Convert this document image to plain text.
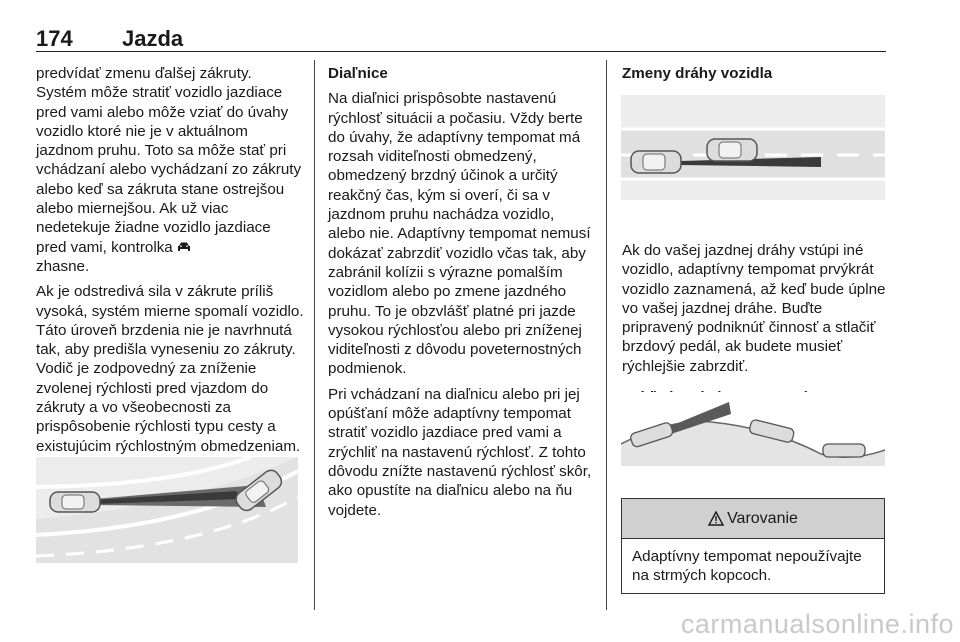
174 Jazda

predvídať zmenu ďalšej zákruty. Systém môže stratiť vozidlo jazdiace pred vami alebo môže vziať do úvahy vozidlo ktoré nie je v aktuálnom jazdnom pruhu. Toto sa môže stať pri vchádzaní alebo vychádzaní zo zákruty alebo keď sa zákruta stane ostrejšou alebo miernejšou. Ak už viac nedetekuje žiadne vozidlo jazdiace pred vami, kontrolka
zhasne.

Ak je odstredivá sila v zákrute príliš vysoká, systém mierne spomalí vozidlo. Táto úroveň brzdenia nie je navrhnutá tak, aby predišla vyneseniu zo zákruty. Vodič je zodpovedný za zníženie zvolenej rýchlosti pred vjazdom do zákruty a vo všeobecnosti za prispôsobenie rýchlosti typu cesty a existujúcim rýchlostným obmedzeniam.

Diaľnice

Na diaľnici prispôsobte nastavenú rýchlosť situácii a počasiu. Vždy berte do úvahy, že adaptívny tempomat má rozsah viditeľnosti obmedzený, obmedzený brzdný účinok a určitý reakčný čas, kým si overí, či sa v jazdnom pruhu nachádza vozidlo, alebo nie. Adaptívny tempomat nemusí dokázať zabrzdiť vozidlo včas tak, aby zabránil kolízii s výrazne pomalším vozidlom alebo po zmene jazdného pruhu. To je obzvlášť platné pri jazde vysokou rýchlosťou alebo pri zníženej viditeľnosti z dôvodu poveternostných podmienok.

Pri vchádzaní na diaľnicu alebo pri jej opúšťaní môže adaptívny tempomat stratiť vozidlo jazdiace pred vami a zrýchliť na nastavenú rýchlosť. Z tohto dôvodu znížte nastavenú rýchlosť skôr, ako opustíte na diaľnicu alebo na ňu vojdete.

Zmeny dráhy vozidla

Ak do vašej jazdnej dráhy vstúpi iné vozidlo, adaptívny tempomat prvýkrát vozidlo zaznamená, až keď bude úplne vo vašej jazdnej dráhe. Buďte pripravený podniknúť činnosť a stlačiť brzdový pedál, ak budete musieť rýchlejšie zabrzdiť.

Varovanie
Adaptívny tempomat nepoužívajte na strmých kopcoch.
carmanualsonline.info
